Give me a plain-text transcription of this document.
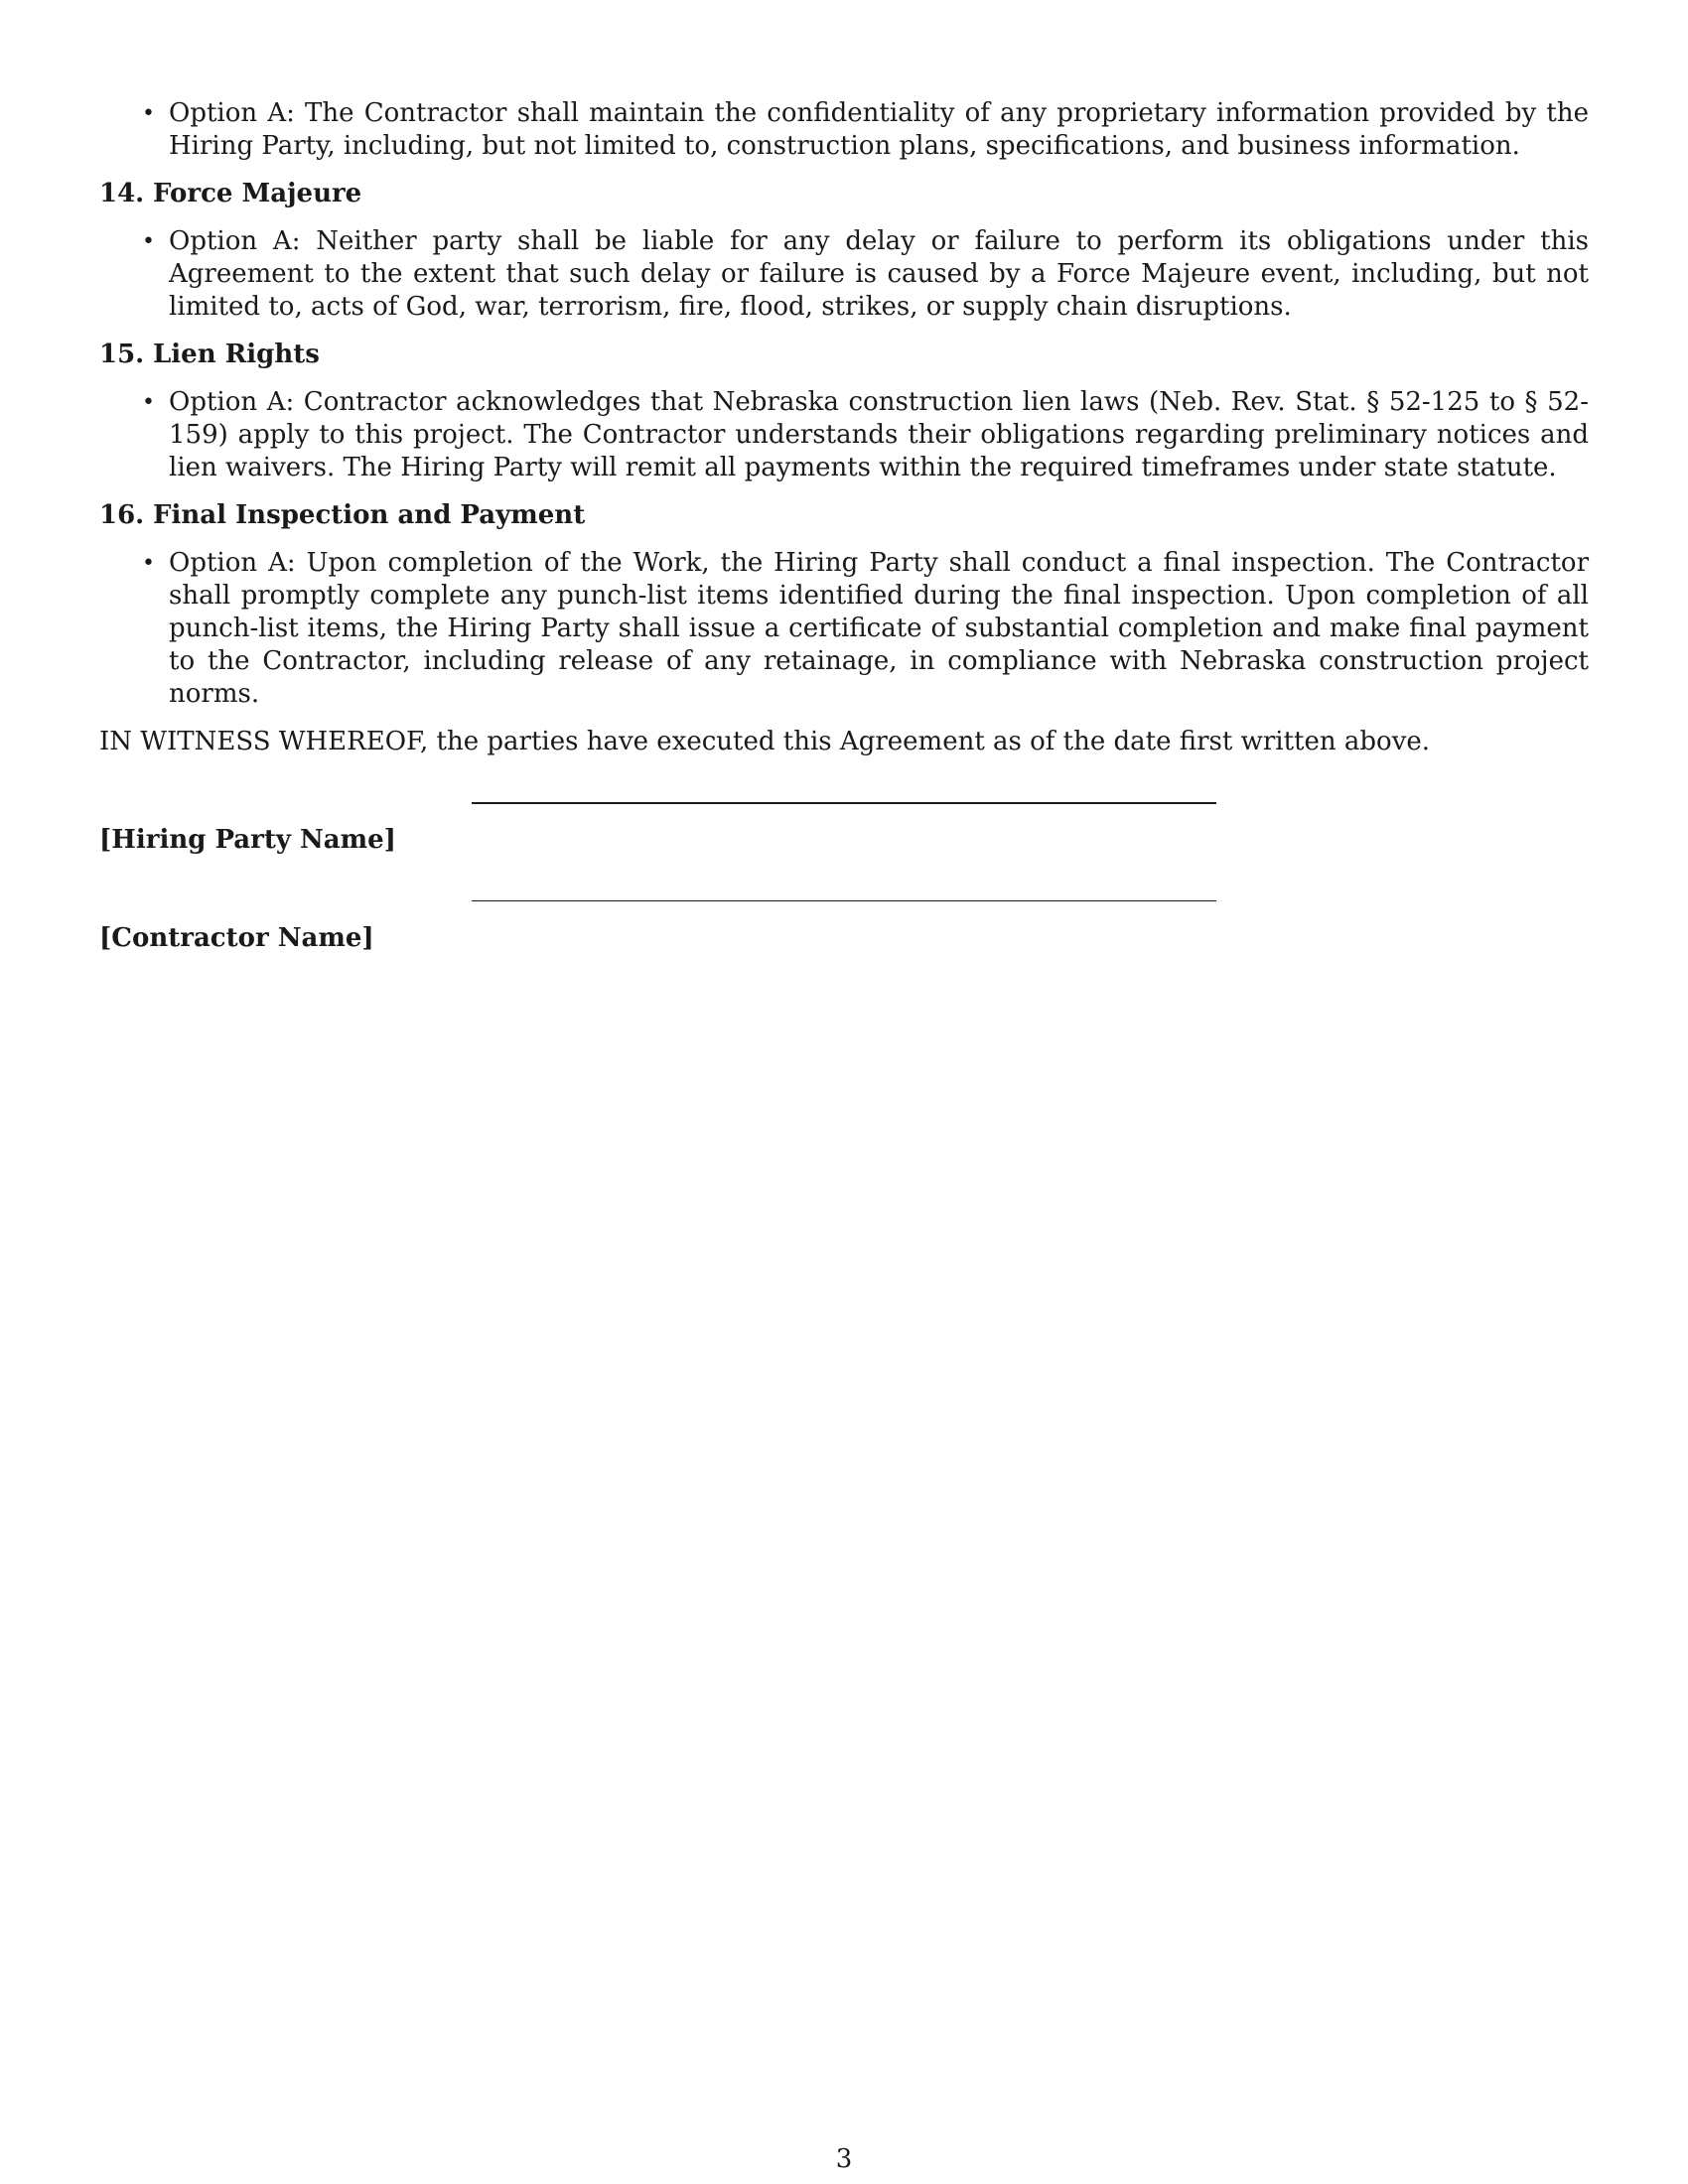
• Option A: The Contractor shall maintain the confidentiality of any proprietary information provided by the Hiring Party, including, but not limited to, construction plans, specifications, and business information.
14. Force Majeure
• Option A: Neither party shall be liable for any delay or failure to perform its obligations under this Agreement to the extent that such delay or failure is caused by a Force Majeure event, including, but not limited to, acts of God, war, terrorism, fire, flood, strikes, or supply chain disruptions.
15. Lien Rights
• Option A: Contractor acknowledges that Nebraska construction lien laws (Neb. Rev. Stat. § 52-125 to § 52-159) apply to this project. The Contractor understands their obligations regarding preliminary notices and lien waivers. The Hiring Party will remit all payments within the required timeframes under state statute.
16. Final Inspection and Payment
• Option A: Upon completion of the Work, the Hiring Party shall conduct a final inspection. The Contractor shall promptly complete any punch-list items identified during the final inspection. Upon completion of all punch-list items, the Hiring Party shall issue a certificate of substantial completion and make final payment to the Contractor, including release of any retainage, in compliance with Nebraska construction project norms.
IN WITNESS WHEREOF, the parties have executed this Agreement as of the date first written above.
[Hiring Party Name]
[Contractor Name]
3
